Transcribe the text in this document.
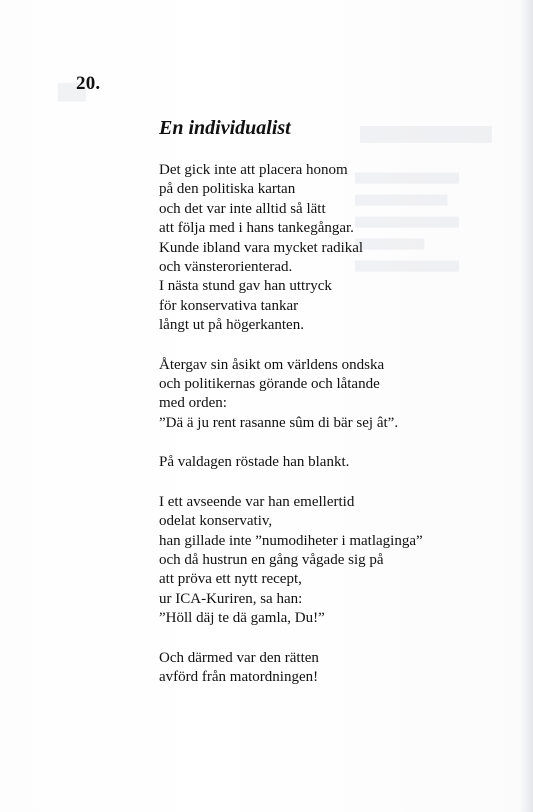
▇▇
▆▆▆▆▆▆▆▆▆
▅▅▅▅▅▅▅▅▅
▅▅▅▅▅▅▅▅
▅▅▅▅▅▅▅▅▅
▅▅▅▅▅▅
▅▅▅▅▅▅▅▅▅
20.
En individualist
Det gick inte att placera honom
på den politiska kartan
och det var inte alltid så lätt
att följa med i hans tankegångar.
Kunde ibland vara mycket radikal
och vänsterorienterad.
I nästa stund gav han uttryck
för konservativa tankar
långt ut på högerkanten.
Återgav sin åsikt om världens ondska
och politikernas görande och låtande
med orden:
”Dä ä ju rent rasanne sûm di bär sej ât”.
På valdagen röstade han blankt.
I ett avseende var han emellertid
odelat konservativ,
han gillade inte ”numodiheter i matlaginga”
och då hustrun en gång vågade sig på
att pröva ett nytt recept,
ur ICA-Kuriren, sa han:
”Höll däj te dä gamla, Du!”
Och därmed var den rätten
avförd från matordningen!
